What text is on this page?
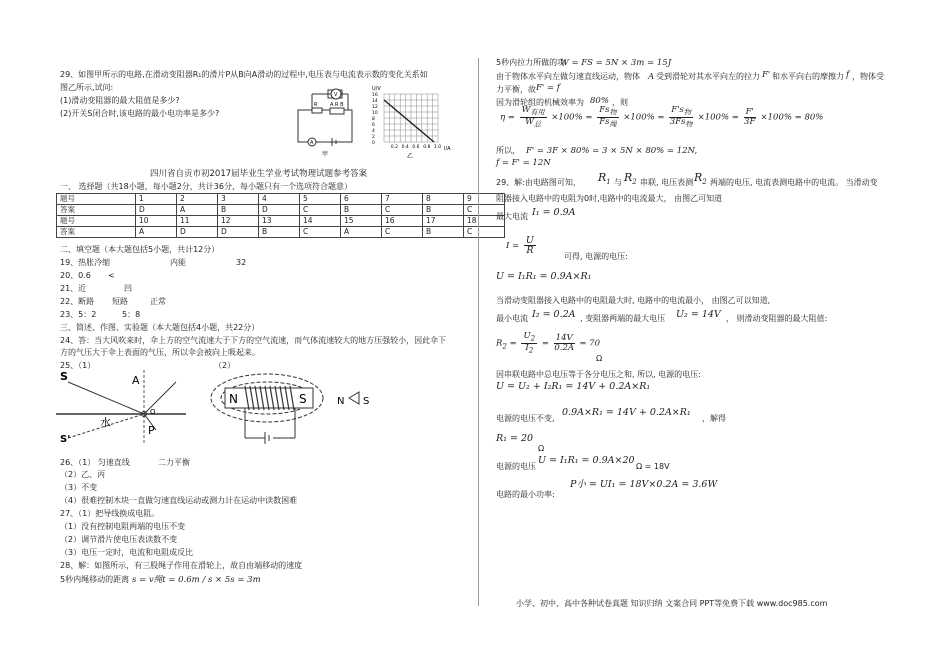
29、如图甲所示的电路,在滑动变阻器R₁的滑片P从B向A滑动的过程中,电压表与电流表示数的变化关系如
图乙所示,试问:
(1)滑动变阻器的最大阻值是多少?
(2)开关S闭合时,该电路的最小电功率是多少?
V
A
R	A R B
甲
U/V
I/A
乙
16
14
12
10
8
6
4
2
0
0.2 0.4 0.6 0.8 1.0
四川省自贡市初2017届毕业生学业考试物理试题参考答案
一、 选择题（共18小题，每小题2分，共计36分，每小题只有一个选项符合题意）
题号	1	2	3	4	5	6	7	8	9
答案	D	A	B	D	C	B	C	B	C
题号	10	11	12	13	14	15	16	17	18
答案	A	D	D	B	C	A	C	B	C
二、填空题（本大题包括5小题，共计12分）
19、热胀冷缩	内能	32
20、0.6 <
21、近	凹
22、断路 短路	正常
23、5：2	5：8
三、简述、作图、实验题（本大题包括4小题，共22分）
24、答：当大风吹来时，伞上方的空气流速大于下方的空气流速，而气体流速较大的地方压强较小，因此伞下
方的气压大于伞上表面的气压，所以伞会被向上吸起来。
25、（1）	（2）
S	A
水
O
S'
P
N	S	N S
26、（1） 匀速直线	二力平衡
（2）乙、丙
（3）不变
（4）很难控制木块一直做匀速直线运动或测力计在运动中读数困难
27、（1）把导线换成电阻。
（1）没有控制电阻两端的电压不变
（2）调节滑片使电压表读数不变
（3）电压一定时，电流和电阻成反比
28、解：如图所示，有三股绳子作用在滑轮上，故自由端移动的速度
5秒内绳移动的距离 s = v绳t = 0.6m / s × 5s = 3m
5秒内拉力所做的功
W = FS = 5N × 3m = 15J
由于物体水平向左做匀速直线运动，物体 A 受到滑轮对其水平向左的拉力 F' 和水平向右的摩擦力 f ，物体受
力平衡，故 F' = f
因为滑轮组的机械效率为 80% ，则
$\eta = \frac{W_{有用}}{W_总} \times 100\% = \frac{Fs_物}{Fs_绳} \times 100\% = \frac{F's_物}{3Fs_物} \times 100\% = \frac{F'}{3F} \times 100\% = 80\%$
所以， F' = 3F × 80% = 3 × 5N × 80% = 12N,
f = F' = 12N
29、解:由电路图可知， $R_1$ 与 $R_2$ 串联, 电压表测 $R_2$ 两端的电压, 电流表测电路中的电流。 当滑动变
阻器接入电路中的电阻为0时,电路中的电流最大， 由图乙可知道
最大电流 I₁ = 0.9A
$I = \frac{U}{R}$
可得, 电源的电压:
U = I₁R₁ = 0.9A×R₁
当滑动变阻器接入电路中的电阻最大时, 电路中的电流最小， 由图乙可以知道,
最小电流 I₂ = 0.2A , 变阻器两端的最大电压 U₂ = 14V ， 则滑动变阻器的最大阻值:
$R_2 = \frac{U_2}{I_2} = \frac{14V}{0.2A} = 70$
Ω
因串联电路中总电压等于各分电压之和, 所以, 电源的电压:
U = U₂ + I₂R₁ = 14V + 0.2A×R₁
电源的电压不变,
0.9A×R₁ = 14V + 0.2A×R₁
，解得
R₁ = 20
Ω
电源的电压
U = I₁R₁ = 0.9A×20
Ω = 18V
电路的最小功率:
P小 = UI₁ = 18V×0.2A = 3.6W
小学、初中、高中各种试卷真题 知识归纳 文案合同 PPT等免费下载 www.doc985.com
